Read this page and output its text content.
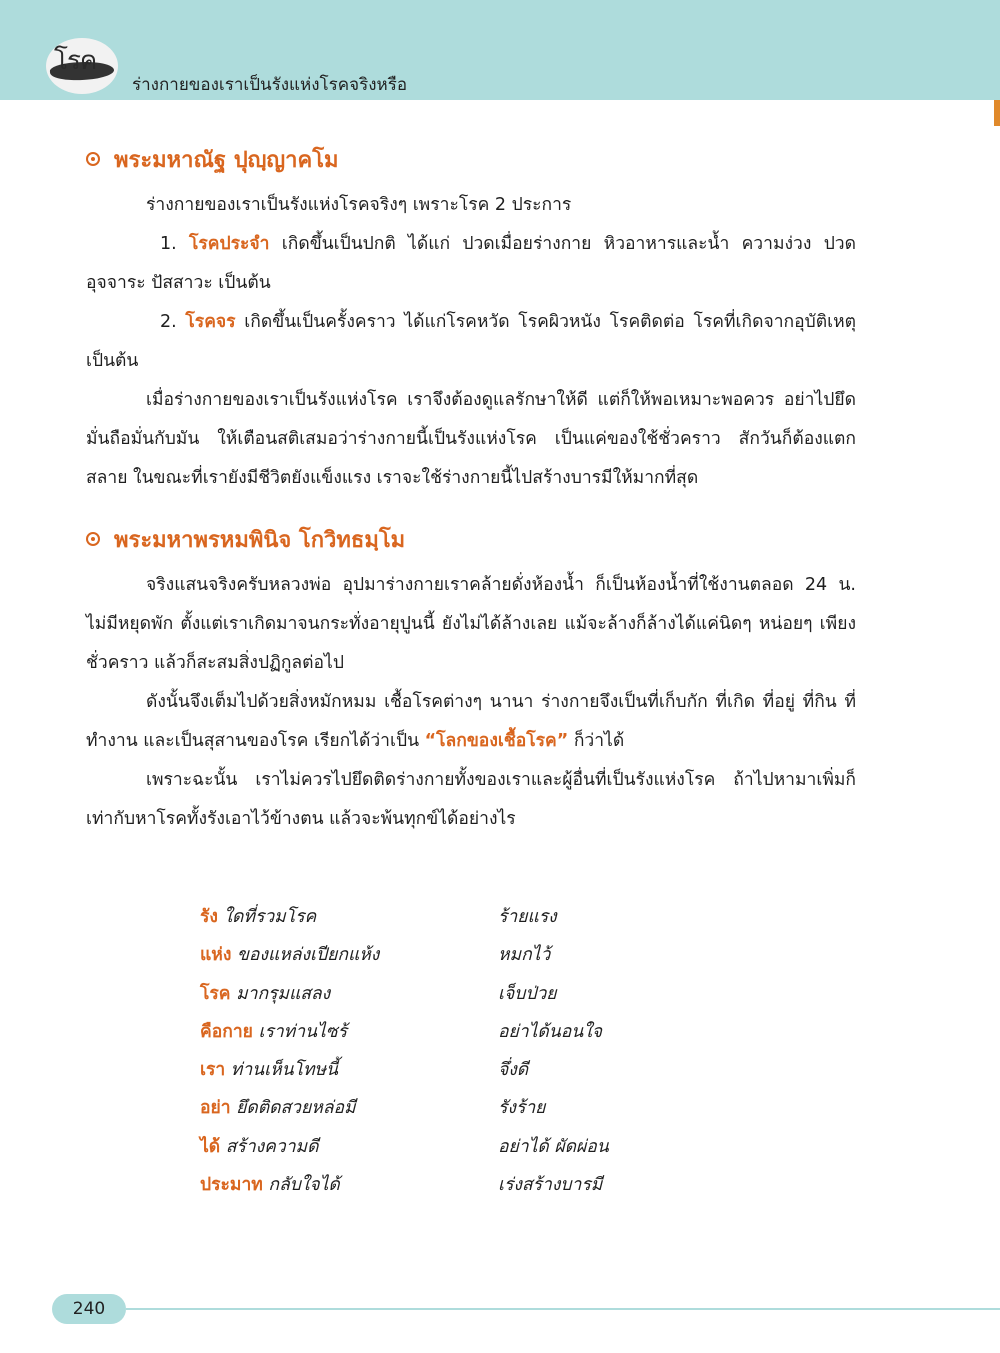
โรค
ร่างกายของเราเป็นรังแห่งโรคจริงหรือ
พระมหาณัฐ ปุญฺญาคโม

ร่างกายของเราเป็นรังแห่งโรคจริงๆ เพราะโรค 2 ประการ

1. โรคประจำ เกิดขึ้นเป็นปกติ ได้แก่ ปวดเมื่อยร่างกาย หิวอาหารและน้ำ ความง่วง ปวดอุจจาระ ปัสสาวะ เป็นต้น

2. โรคจร เกิดขึ้นเป็นครั้งคราว ได้แก่โรคหวัด โรคผิวหนัง โรคติดต่อ โรคที่เกิดจากอุบัติเหตุ เป็นต้น

เมื่อร่างกายของเราเป็นรังแห่งโรค เราจึงต้องดูแลรักษาให้ดี แต่ก็ให้พอเหมาะพอควร อย่าไปยึดมั่นถือมั่นกับมัน ให้เตือนสติเสมอว่าร่างกายนี้เป็นรังแห่งโรค เป็นแค่ของใช้ชั่วคราว สักวันก็ต้องแตกสลาย ในขณะที่เรายังมีชีวิตยังแข็งแรง เราจะใช้ร่างกายนี้ไปสร้างบารมีให้มากที่สุด

พระมหาพรหมพินิจ โกวิทธมฺโม

จริงแสนจริงครับหลวงพ่อ อุปมาร่างกายเราคล้ายดั่งห้องน้ำ ก็เป็นห้องน้ำที่ใช้งานตลอด 24 น. ไม่มีหยุดพัก ตั้งแต่เราเกิดมาจนกระทั่งอายุปูนนี้ ยังไม่ได้ล้างเลย แม้จะล้างก็ล้างได้แค่นิดๆ หน่อยๆ เพียงชั่วคราว แล้วก็สะสมสิ่งปฏิกูลต่อไป

ดังนั้นจึงเต็มไปด้วยสิ่งหมักหมม เชื้อโรคต่างๆ นานา ร่างกายจึงเป็นที่เก็บกัก ที่เกิด ที่อยู่ ที่กิน ที่ทำงาน และเป็นสุสานของโรค เรียกได้ว่าเป็น “โลกของเชื้อโรค” ก็ว่าได้

เพราะฉะนั้น เราไม่ควรไปยึดติดร่างกายทั้งของเราและผู้อื่นที่เป็นรังแห่งโรค ถ้าไปหามาเพิ่มก็เท่ากับหาโรคทั้งรังเอาไว้ข้างตน แล้วจะพ้นทุกข์ได้อย่างไร

รัง ใดที่รวมโรค	ร้ายแรง
แห่ง ของแหล่งเปียกแห้ง	หมกไว้
โรค มากรุมแสลง	เจ็บป่วย
คือกาย เราท่านไซร้	อย่าได้นอนใจ
เรา ท่านเห็นโทษนี้	จึ่งดี
อย่า ยึดติดสวยหล่อมี	รังร้าย
ได้ สร้างความดี	อย่าได้ ผัดผ่อน
ประมาท กลับใจได้	เร่งสร้างบารมี
240
